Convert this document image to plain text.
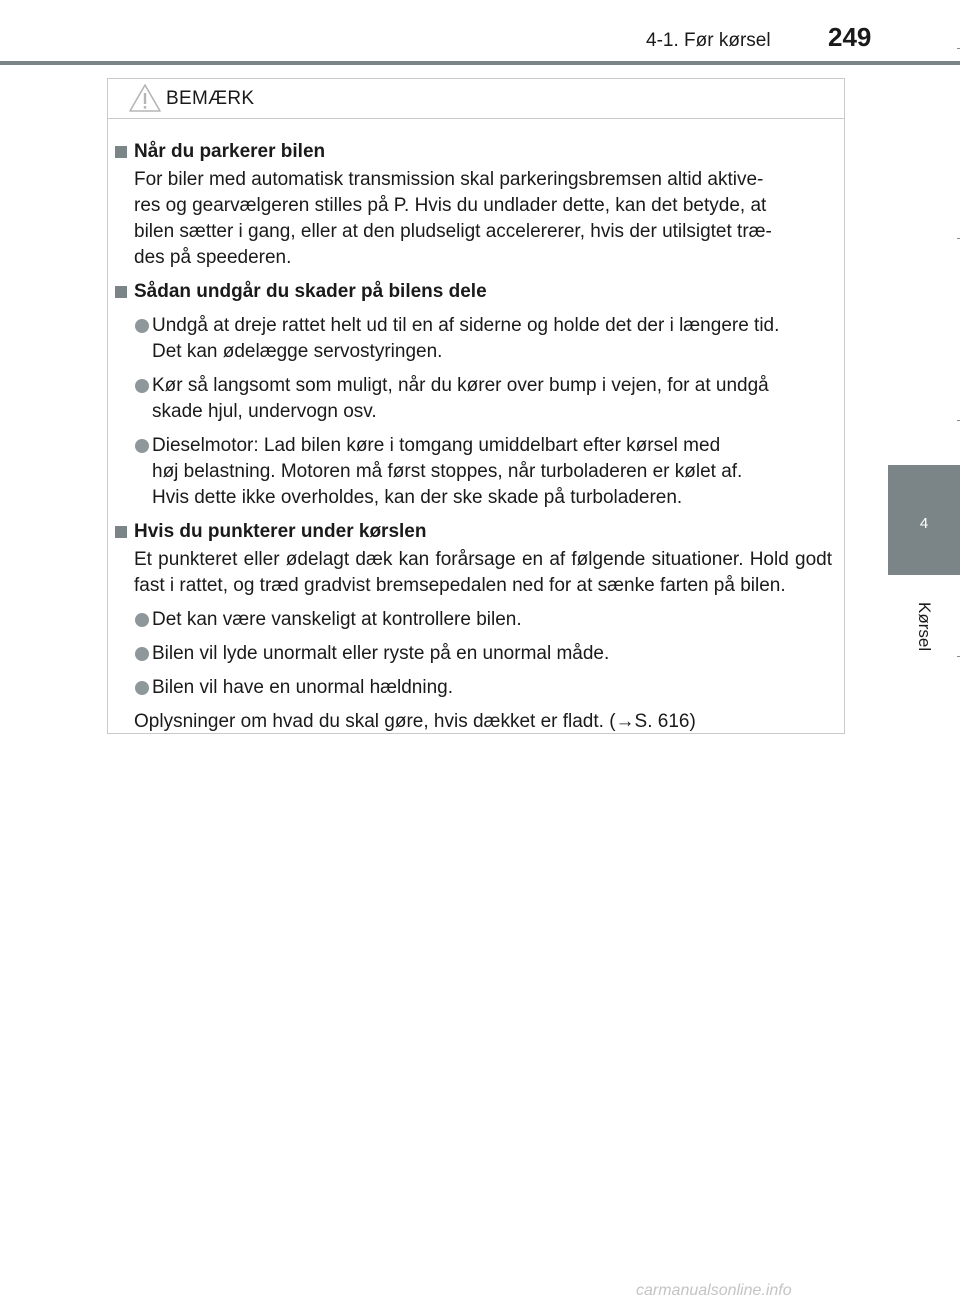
4-1. Før kørsel 249
4
Kørsel
BEMÆRK
Når du parkerer bilen
For biler med automatisk transmission skal parkeringsbremsen altid aktive-
res og gearvælgeren stilles på P. Hvis du undlader dette, kan det betyde, at
bilen sætter i gang, eller at den pludseligt accelererer, hvis der utilsigtet træ-
des på speederen.
Sådan undgår du skader på bilens dele
Undgå at dreje rattet helt ud til en af siderne og holde det der i længere tid.
Det kan ødelægge servostyringen.
Kør så langsomt som muligt, når du kører over bump i vejen, for at undgå
skade hjul, undervogn osv.
Dieselmotor: Lad bilen køre i tomgang umiddelbart efter kørsel med
høj belastning. Motoren må først stoppes, når turboladeren er kølet af.
Hvis dette ikke overholdes, kan der ske skade på turboladeren.
Hvis du punkterer under kørslen
Et punkteret eller ødelagt dæk kan forårsage en af følgende situationer. Hold godt fast i rattet, og træd gradvist bremsepedalen ned for at sænke farten på bilen.
Det kan være vanskeligt at kontrollere bilen.
Bilen vil lyde unormalt eller ryste på en unormal måde.
Bilen vil have en unormal hældning.
Oplysninger om hvad du skal gøre, hvis dækket er fladt. (→S. 616)
carmanualsonline.info
